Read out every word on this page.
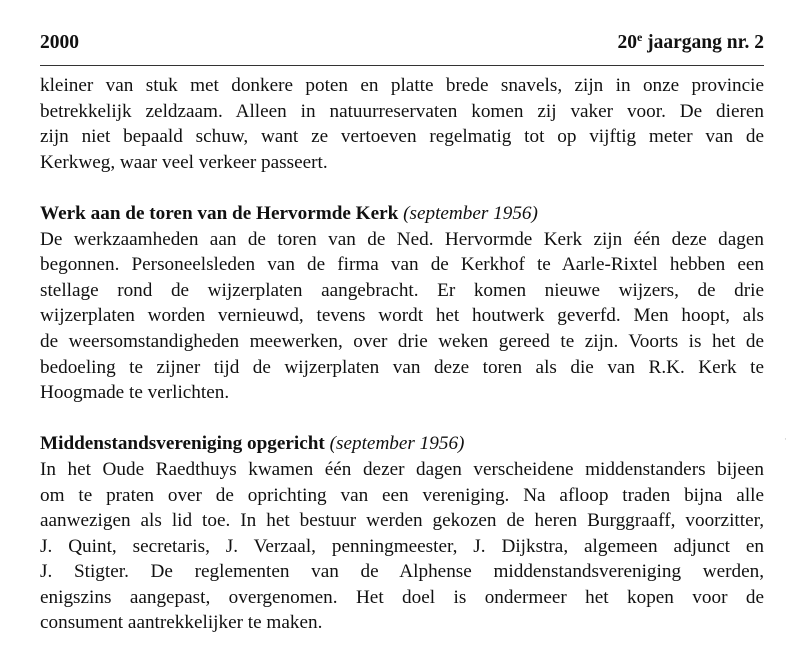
2000	20e jaargang nr. 2
kleiner van stuk met donkere poten en platte brede snavels, zijn in onze provincie
betrekkelijk zeldzaam. Alleen in natuurreservaten komen zij vaker voor. De dieren
zijn niet bepaald schuw, want ze vertoeven regelmatig tot op vijftig meter van de
Kerkweg, waar veel verkeer passeert.
Werk aan de toren van de Hervormde Kerk (september 1956)
De werkzaamheden aan de toren van de Ned. Hervormde Kerk zijn één deze dagen
begonnen. Personeelsleden van de firma van de Kerkhof te Aarle-Rixtel hebben een
stellage rond de wijzerplaten aangebracht. Er komen nieuwe wijzers, de drie
wijzerplaten worden vernieuwd, tevens wordt het houtwerk geverfd. Men hoopt, als
de weersomstandigheden meewerken, over drie weken gereed te zijn. Voorts is het de
bedoeling te zijner tijd de wijzerplaten van deze toren als die van R.K. Kerk te
Hoogmade te verlichten.
Middenstandsvereniging opgericht (september 1956)
In het Oude Raedthuys kwamen één dezer dagen verscheidene middenstanders bijeen
om te praten over de oprichting van een vereniging. Na afloop traden bijna alle
aanwezigen als lid toe. In het bestuur werden gekozen de heren Burggraaff, voorzitter,
J. Quint, secretaris, J. Verzaal, penningmeester, J. Dijkstra, algemeen adjunct en
J. Stigter. De reglementen van de Alphense middenstandsvereniging werden,
enigszins aangepast, overgenomen. Het doel is ondermeer het kopen voor de
consument aantrekkelijker te maken.
·
